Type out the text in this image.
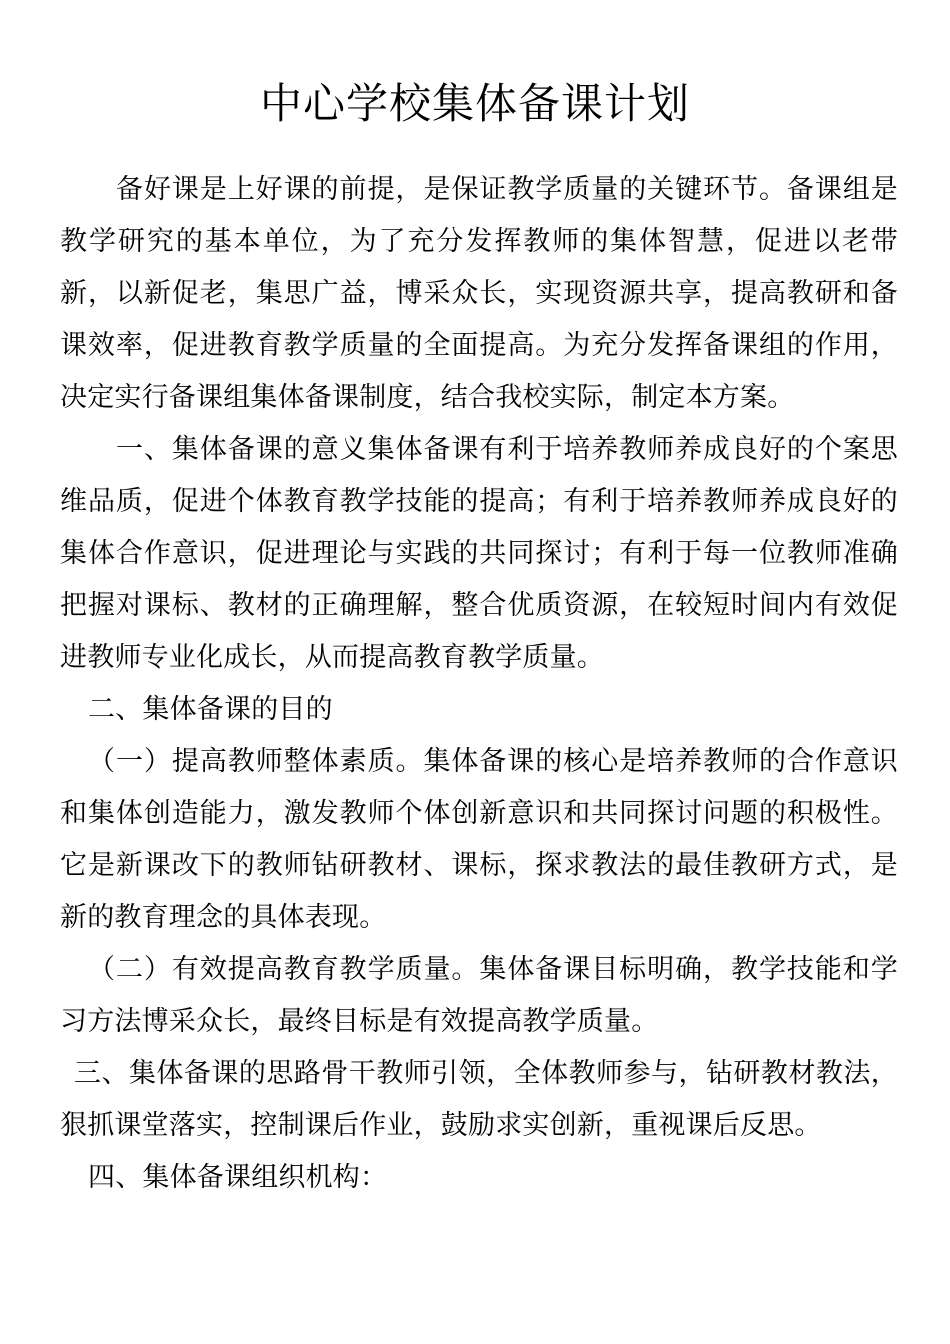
中心学校集体备课计划

备好课是上好课的前提，是保证教学质量的关键环节。备课组是教学研究的基本单位，为了充分发挥教师的集体智慧，促进以老带新，以新促老，集思广益，博采众长，实现资源共享，提高教研和备课效率，促进教育教学质量的全面提高。为充分发挥备课组的作用，决定实行备课组集体备课制度，结合我校实际，制定本方案。

一、集体备课的意义集体备课有利于培养教师养成良好的个案思维品质，促进个体教育教学技能的提高；有利于培养教师养成良好的集体合作意识，促进理论与实践的共同探讨；有利于每一位教师准确把握对课标、教材的正确理解，整合优质资源，在较短时间内有效促进教师专业化成长，从而提高教育教学质量。

二、集体备课的目的

（一）提高教师整体素质。集体备课的核心是培养教师的合作意识和集体创造能力，激发教师个体创新意识和共同探讨问题的积极性。它是新课改下的教师钻研教材、课标，探求教法的最佳教研方式，是新的教育理念的具体表现。

（二）有效提高教育教学质量。集体备课目标明确，教学技能和学习方法博采众长，最终目标是有效提高教学质量。

三、集体备课的思路骨干教师引领，全体教师参与，钻研教材教法，狠抓课堂落实，控制课后作业，鼓励求实创新，重视课后反思。

四、集体备课组织机构：
